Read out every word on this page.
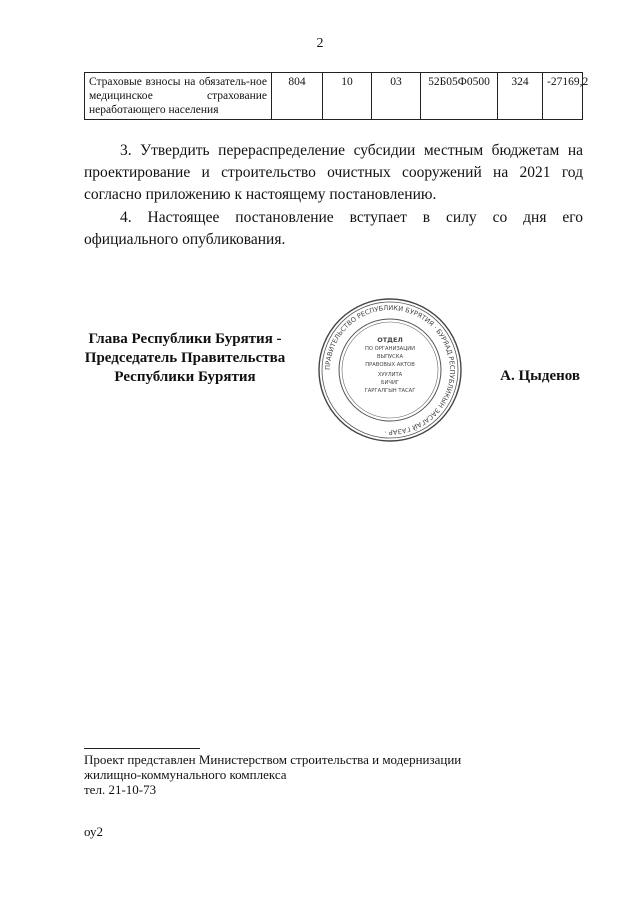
2
Страховые взносы на обязатель-ное медицинское страхование неработающего населения	804	10	03	52Б05Ф0500	324	-27169,2
3. Утвердить перераспределение субсидии местным бюджетам на проектирование и строительство очистных сооружений на 2021 год согласно приложению к настоящему постановлению.
4. Настоящее постановление вступает в силу со дня его официального опубликования.
Глава Республики Бурятия -
Председатель Правительства
Республики Бурятия
ПРАВИТЕЛЬСТВО РЕСПУБЛИКИ БУРЯТИЯ · БУРЯАД РЕСПУБЛИКЫН ЗАСАГАЙ ГАЗАР ·
ОТДЕЛ
ПО ОРГАНИЗАЦИИ
ВЫПУСКА
ПРАВОВЫХ АКТОВ
ХУУЛИТА
БИЧИГ
ГАРГАЛГЫН ТАСАГ
А. Цыденов
Проект представлен Министерством строительства и модернизации
жилищно-коммунального комплекса
тел. 21-10-73
оу2
